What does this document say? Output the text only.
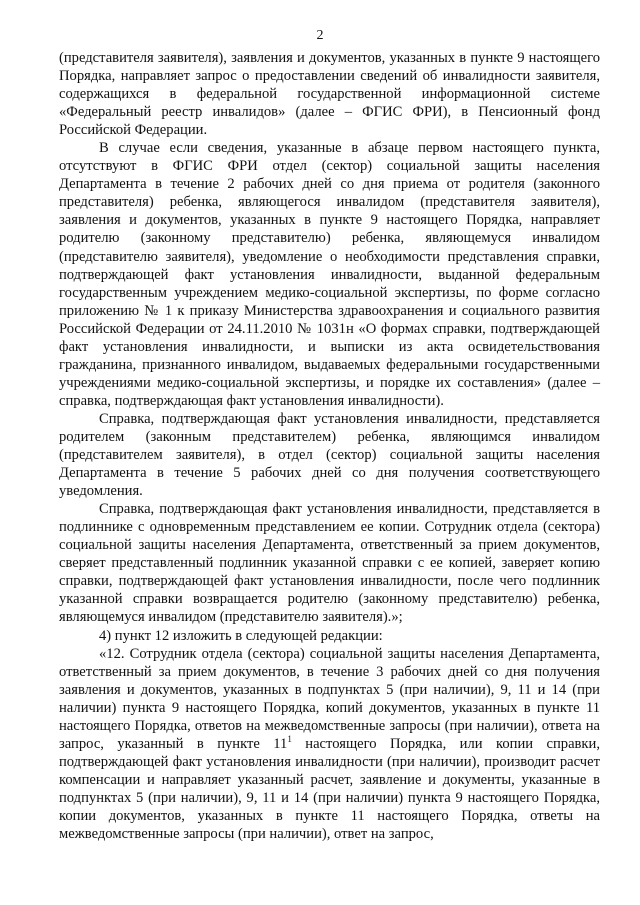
2

(представителя заявителя), заявления и документов, указанных в пункте 9 настоящего Порядка, направляет запрос о предоставлении сведений об инвалидности заявителя, содержащихся в федеральной государственной информационной системе «Федеральный реестр инвалидов» (далее – ФГИС ФРИ), в Пенсионный фонд Российской Федерации.

В случае если сведения, указанные в абзаце первом настоящего пункта, отсутствуют в ФГИС ФРИ отдел (сектор) социальной защиты населения Департамента в течение 2 рабочих дней со дня приема от родителя (законного представителя) ребенка, являющегося инвалидом (представителя заявителя), заявления и документов, указанных в пункте 9 настоящего Порядка, направляет родителю (законному представителю) ребенка, являющемуся инвалидом (представителю заявителя), уведомление о необходимости представления справки, подтверждающей факт установления инвалидности, выданной федеральным государственным учреждением медико-социальной экспертизы, по форме согласно приложению № 1 к приказу Министерства здравоохранения и социального развития Российской Федерации от 24.11.2010 № 1031н «О формах справки, подтверждающей факт установления инвалидности, и выписки из акта освидетельствования гражданина, признанного инвалидом, выдаваемых федеральными государственными учреждениями медико-социальной экспертизы, и порядке их составления» (далее – справка, подтверждающая факт установления инвалидности).

Справка, подтверждающая факт установления инвалидности, представляется родителем (законным представителем) ребенка, являющимся инвалидом (представителем заявителя), в отдел (сектор) социальной защиты населения Департамента в течение 5 рабочих дней со дня получения соответствующего уведомления.

Справка, подтверждающая факт установления инвалидности, представляется в подлиннике с одновременным представлением ее копии. Сотрудник отдела (сектора) социальной защиты населения Департамента, ответственный за прием документов, сверяет представленный подлинник указанной справки с ее копией, заверяет копию справки, подтверждающей факт установления инвалидности, после чего подлинник указанной справки возвращается родителю (законному представителю) ребенка, являющемуся инвалидом (представителю заявителя).»;

4) пункт 12 изложить в следующей редакции:

«12. Сотрудник отдела (сектора) социальной защиты населения Департамента, ответственный за прием документов, в течение 3 рабочих дней со дня получения заявления и документов, указанных в подпунктах 5 (при наличии), 9, 11 и 14 (при наличии) пункта 9 настоящего Порядка, копий документов, указанных в пункте 11 настоящего Порядка, ответов на межведомственные запросы (при наличии), ответа на запрос, указанный в пункте 11$^1$ настоящего Порядка, или копии справки, подтверждающей факт установления инвалидности (при наличии), производит расчет компенсации и направляет указанный расчет, заявление и документы, указанные в подпунктах 5 (при наличии), 9, 11 и 14 (при наличии) пункта 9 настоящего Порядка, копии документов, указанных в пункте 11 настоящего Порядка, ответы на межведомственные запросы (при наличии), ответ на запрос,
